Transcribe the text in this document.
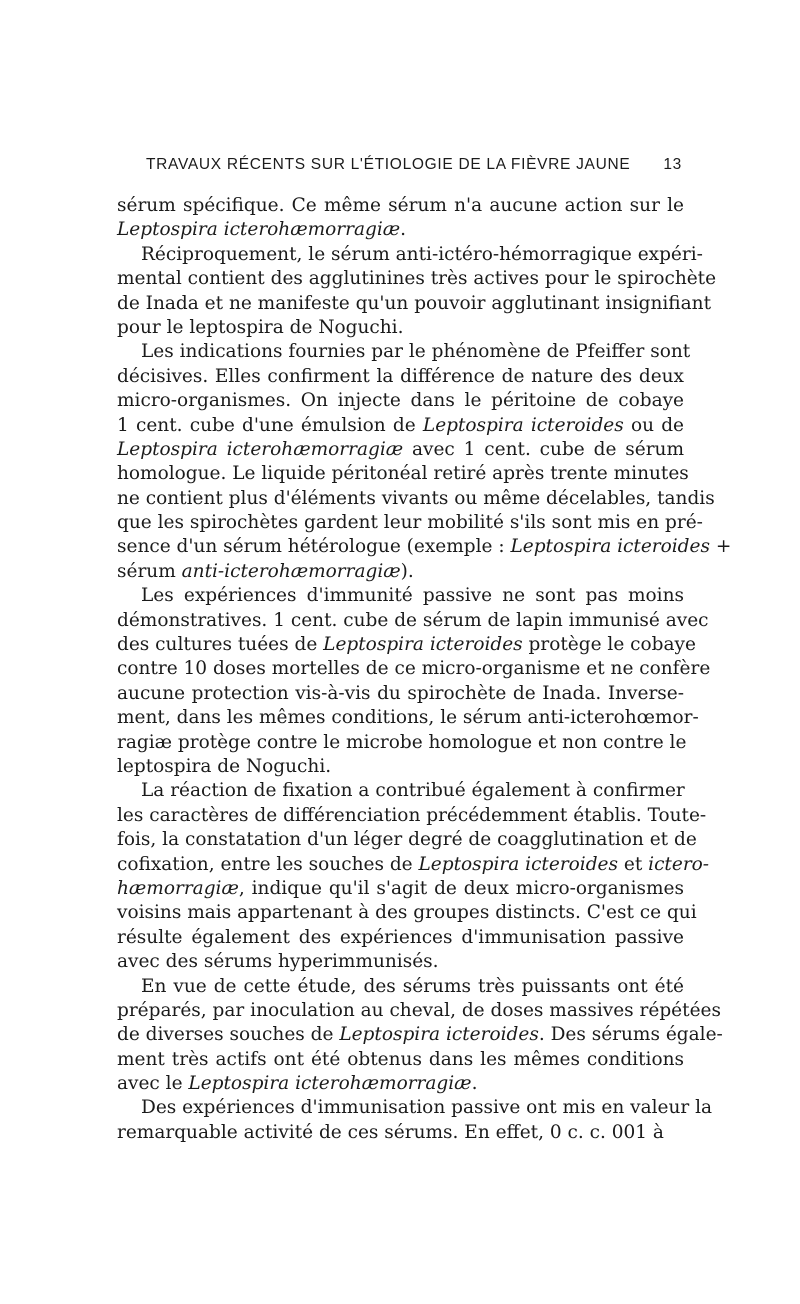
TRAVAUX RÉCENTS SUR L'ÉTIOLOGIE DE LA FIÈVRE JAUNE 13

sérum spécifique. Ce même sérum n'a aucune action sur le
Leptospira icterohæmorragiæ.

Réciproquement, le sérum anti-ictéro-hémorragique expéri-
mental contient des agglutinines très actives pour le spirochète
de Inada et ne manifeste qu'un pouvoir agglutinant insignifiant
pour le leptospira de Noguchi.

Les indications fournies par le phénomène de Pfeiffer sont
décisives. Elles confirment la différence de nature des deux
micro-organismes. On injecte dans le péritoine de cobaye
1 cent. cube d'une émulsion de Leptospira icteroides ou de
Leptospira icterohæmorragiæ avec 1 cent. cube de sérum
homologue. Le liquide péritonéal retiré après trente minutes
ne contient plus d'éléments vivants ou même décelables, tandis
que les spirochètes gardent leur mobilité s'ils sont mis en pré-
sence d'un sérum hétérologue (exemple : Leptospira icteroides +
sérum anti-icterohæmorragiæ).

Les expériences d'immunité passive ne sont pas moins
démonstratives. 1 cent. cube de sérum de lapin immunisé avec
des cultures tuées de Leptospira icteroides protège le cobaye
contre 10 doses mortelles de ce micro-organisme et ne confère
aucune protection vis-à-vis du spirochète de Inada. Inverse-
ment, dans les mêmes conditions, le sérum anti-icterohœmor-
ragiæ protège contre le microbe homologue et non contre le
leptospira de Noguchi.

La réaction de fixation a contribué également à confirmer
les caractères de différenciation précédemment établis. Toute-
fois, la constatation d'un léger degré de coagglutination et de
cofixation, entre les souches de Leptospira icteroides et ictero-
hæmorragiæ, indique qu'il s'agit de deux micro-organismes
voisins mais appartenant à des groupes distincts. C'est ce qui
résulte également des expériences d'immunisation passive
avec des sérums hyperimmunisés.

En vue de cette étude, des sérums très puissants ont été
préparés, par inoculation au cheval, de doses massives répétées
de diverses souches de Leptospira icteroides. Des sérums égale-
ment très actifs ont été obtenus dans les mêmes conditions
avec le Leptospira icterohæmorragiæ.

Des expériences d'immunisation passive ont mis en valeur la
remarquable activité de ces sérums. En effet, 0 c. c. 001 à
